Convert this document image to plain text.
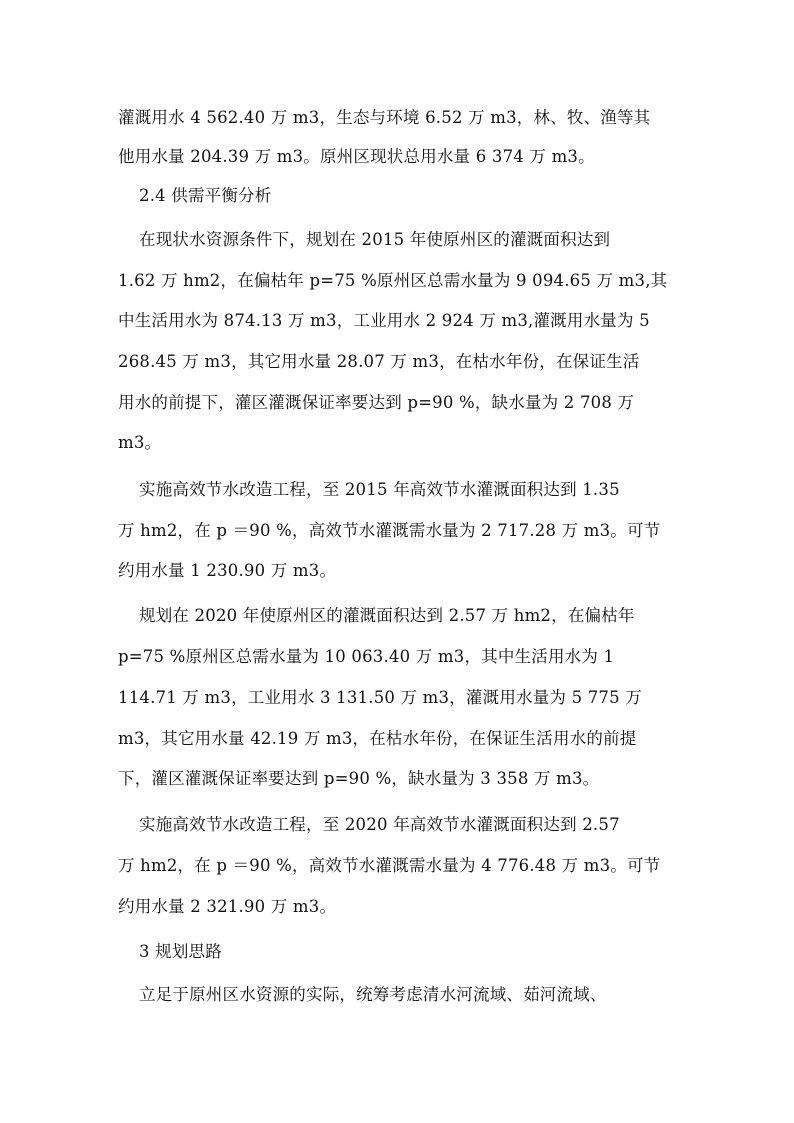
灌溉用水 4 562.40 万 m3，生态与环境 6.52 万 m3，林、牧、渔等其
他用水量 204.39 万 m3。原州区现状总用水量 6 374 万 m3。
2.4 供需平衡分析
在现状水资源条件下，规划在 2015 年使原州区的灌溉面积达到
1.62 万 hm2，在偏枯年 p=75 %原州区总需水量为 9 094.65 万 m3,其
中生活用水为 874.13 万 m3，工业用水 2 924 万 m3,灌溉用水量为 5
268.45 万 m3，其它用水量 28.07 万 m3，在枯水年份，在保证生活
用水的前提下，灌区灌溉保证率要达到 p=90 %，缺水量为 2 708 万
m3。
实施高效节水改造工程，至 2015 年高效节水灌溉面积达到 1.35
万 hm2，在 p ＝90 %，高效节水灌溉需水量为 2 717.28 万 m3。可节
约用水量 1 230.90 万 m3。
规划在 2020 年使原州区的灌溉面积达到 2.57 万 hm2，在偏枯年
p=75 %原州区总需水量为 10 063.40 万 m3，其中生活用水为 1
114.71 万 m3，工业用水 3 131.50 万 m3，灌溉用水量为 5 775 万
m3，其它用水量 42.19 万 m3，在枯水年份，在保证生活用水的前提
下，灌区灌溉保证率要达到 p=90 %，缺水量为 3 358 万 m3。
实施高效节水改造工程，至 2020 年高效节水灌溉面积达到 2.57
万 hm2，在 p ＝90 %，高效节水灌溉需水量为 4 776.48 万 m3。可节
约用水量 2 321.90 万 m3。
3 规划思路
立足于原州区水资源的实际，统筹考虑清水河流域、茹河流域、
